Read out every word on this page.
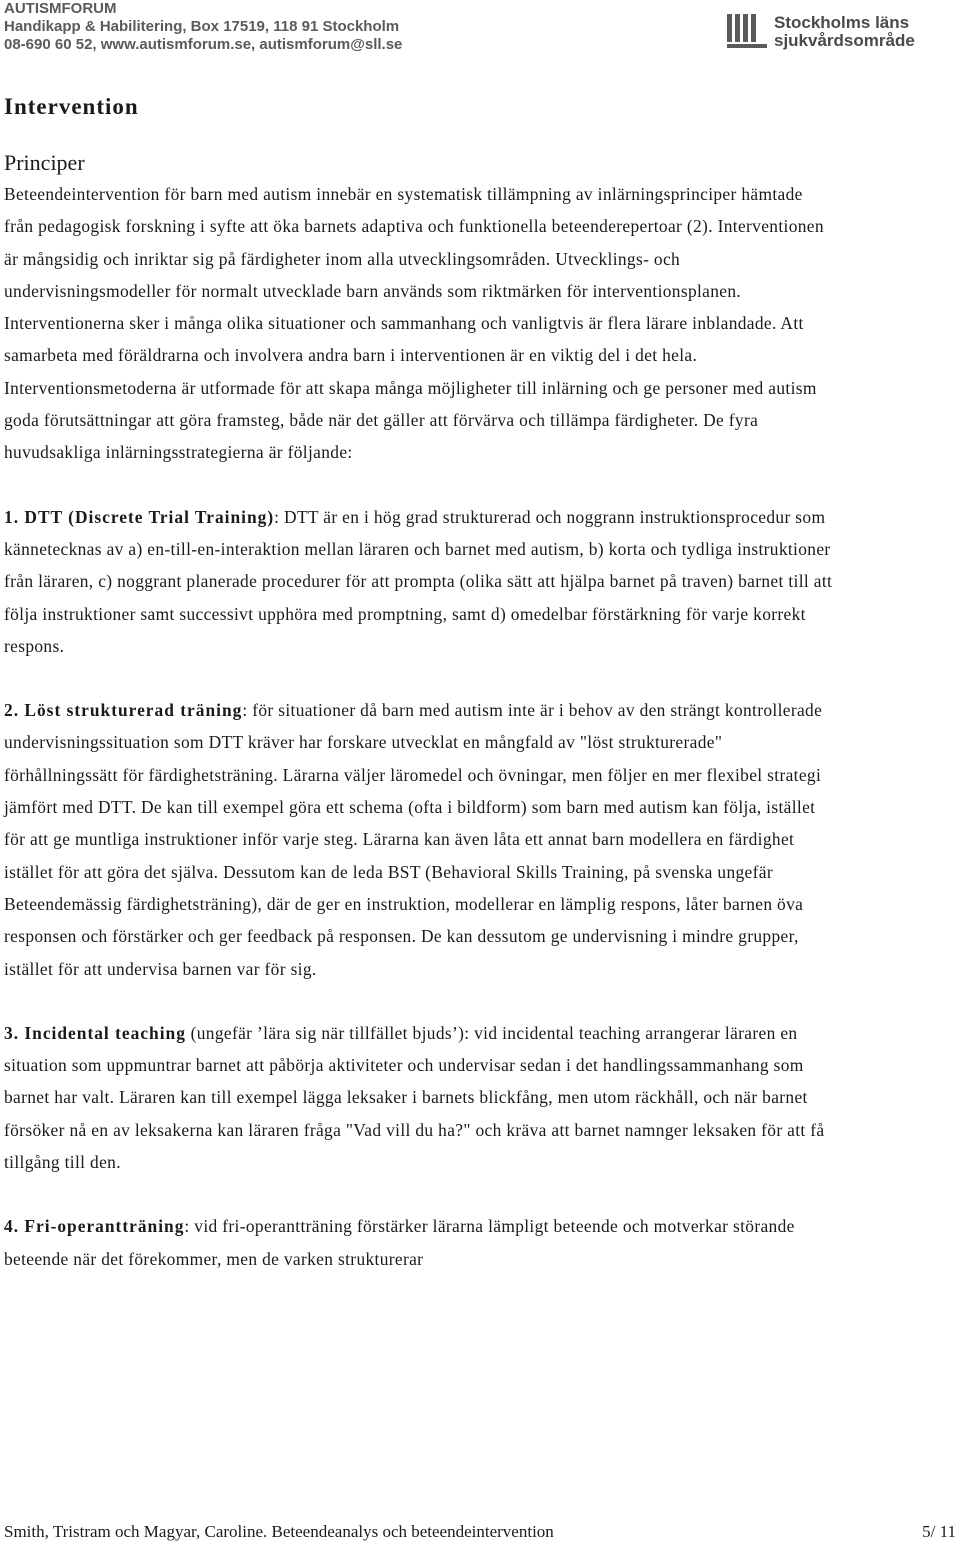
AUTISMFORUM
Handikapp & Habilitering, Box 17519, 118 91 Stockholm
08-690 60 52, www.autismforum.se, autismforum@sll.se
Stockholms läns
sjukvårdsområde
Intervention
Principer

Beteendeintervention för barn med autism innebär en systematisk tillämpning av inlärningsprinciper hämtade från pedagogisk forskning i syfte att öka barnets adaptiva och funktionella beteenderepertoar (2). Interventionen är mångsidig och inriktar sig på färdigheter inom alla utvecklingsområden. Utvecklings- och undervisningsmodeller för normalt utvecklade barn används som riktmärken för interventionsplanen. Interventionerna sker i många olika situationer och sammanhang och vanligtvis är flera lärare inblandade. Att samarbeta med föräldrarna och involvera andra barn i interventionen är en viktig del i det hela. Interventionsmetoderna är utformade för att skapa många möjligheter till inlärning och ge personer med autism goda förutsättningar att göra framsteg, både när det gäller att förvärva och tillämpa färdigheter. De fyra huvudsakliga inlärningsstrategierna är följande:

1. DTT (Discrete Trial Training): DTT är en i hög grad strukturerad och noggrann instruktionsprocedur som kännetecknas av a) en-till-en-interaktion mellan läraren och barnet med autism, b) korta och tydliga instruktioner från läraren, c) noggrant planerade procedurer för att prompta (olika sätt att hjälpa barnet på traven) barnet till att följa instruktioner samt successivt upphöra med promptning, samt d) omedelbar förstärkning för varje korrekt respons.

2. Löst strukturerad träning: för situationer då barn med autism inte är i behov av den strängt kontrollerade undervisningssituation som DTT kräver har forskare utvecklat en mångfald av "löst strukturerade" förhållningssätt för färdighetsträning. Lärarna väljer läromedel och övningar, men följer en mer flexibel strategi jämfört med DTT. De kan till exempel göra ett schema (ofta i bildform) som barn med autism kan följa, istället för att ge muntliga instruktioner inför varje steg. Lärarna kan även låta ett annat barn modellera en färdighet istället för att göra det själva. Dessutom kan de leda BST (Behavioral Skills Training, på svenska ungefär Beteendemässig färdighetsträning), där de ger en instruktion, modellerar en lämplig respons, låter barnen öva responsen och förstärker och ger feedback på responsen. De kan dessutom ge undervisning i mindre grupper, istället för att undervisa barnen var för sig.

3. Incidental teaching (ungefär ’lära sig när tillfället bjuds’): vid incidental teaching arrangerar läraren en situation som uppmuntrar barnet att påbörja aktiviteter och undervisar sedan i det handlingssammanhang som barnet har valt. Läraren kan till exempel lägga leksaker i barnets blickfång, men utom räckhåll, och när barnet försöker nå en av leksakerna kan läraren fråga "Vad vill du ha?" och kräva att barnet namnger leksaken för att få tillgång till den.

4. Fri-operantträning: vid fri-operantträning förstärker lärarna lämpligt beteende och motverkar störande beteende när det förekommer, men de varken strukturerar

Smith, Tristram och Magyar, Caroline. Beteendeanalys och beteendeintervention	5/ 11
